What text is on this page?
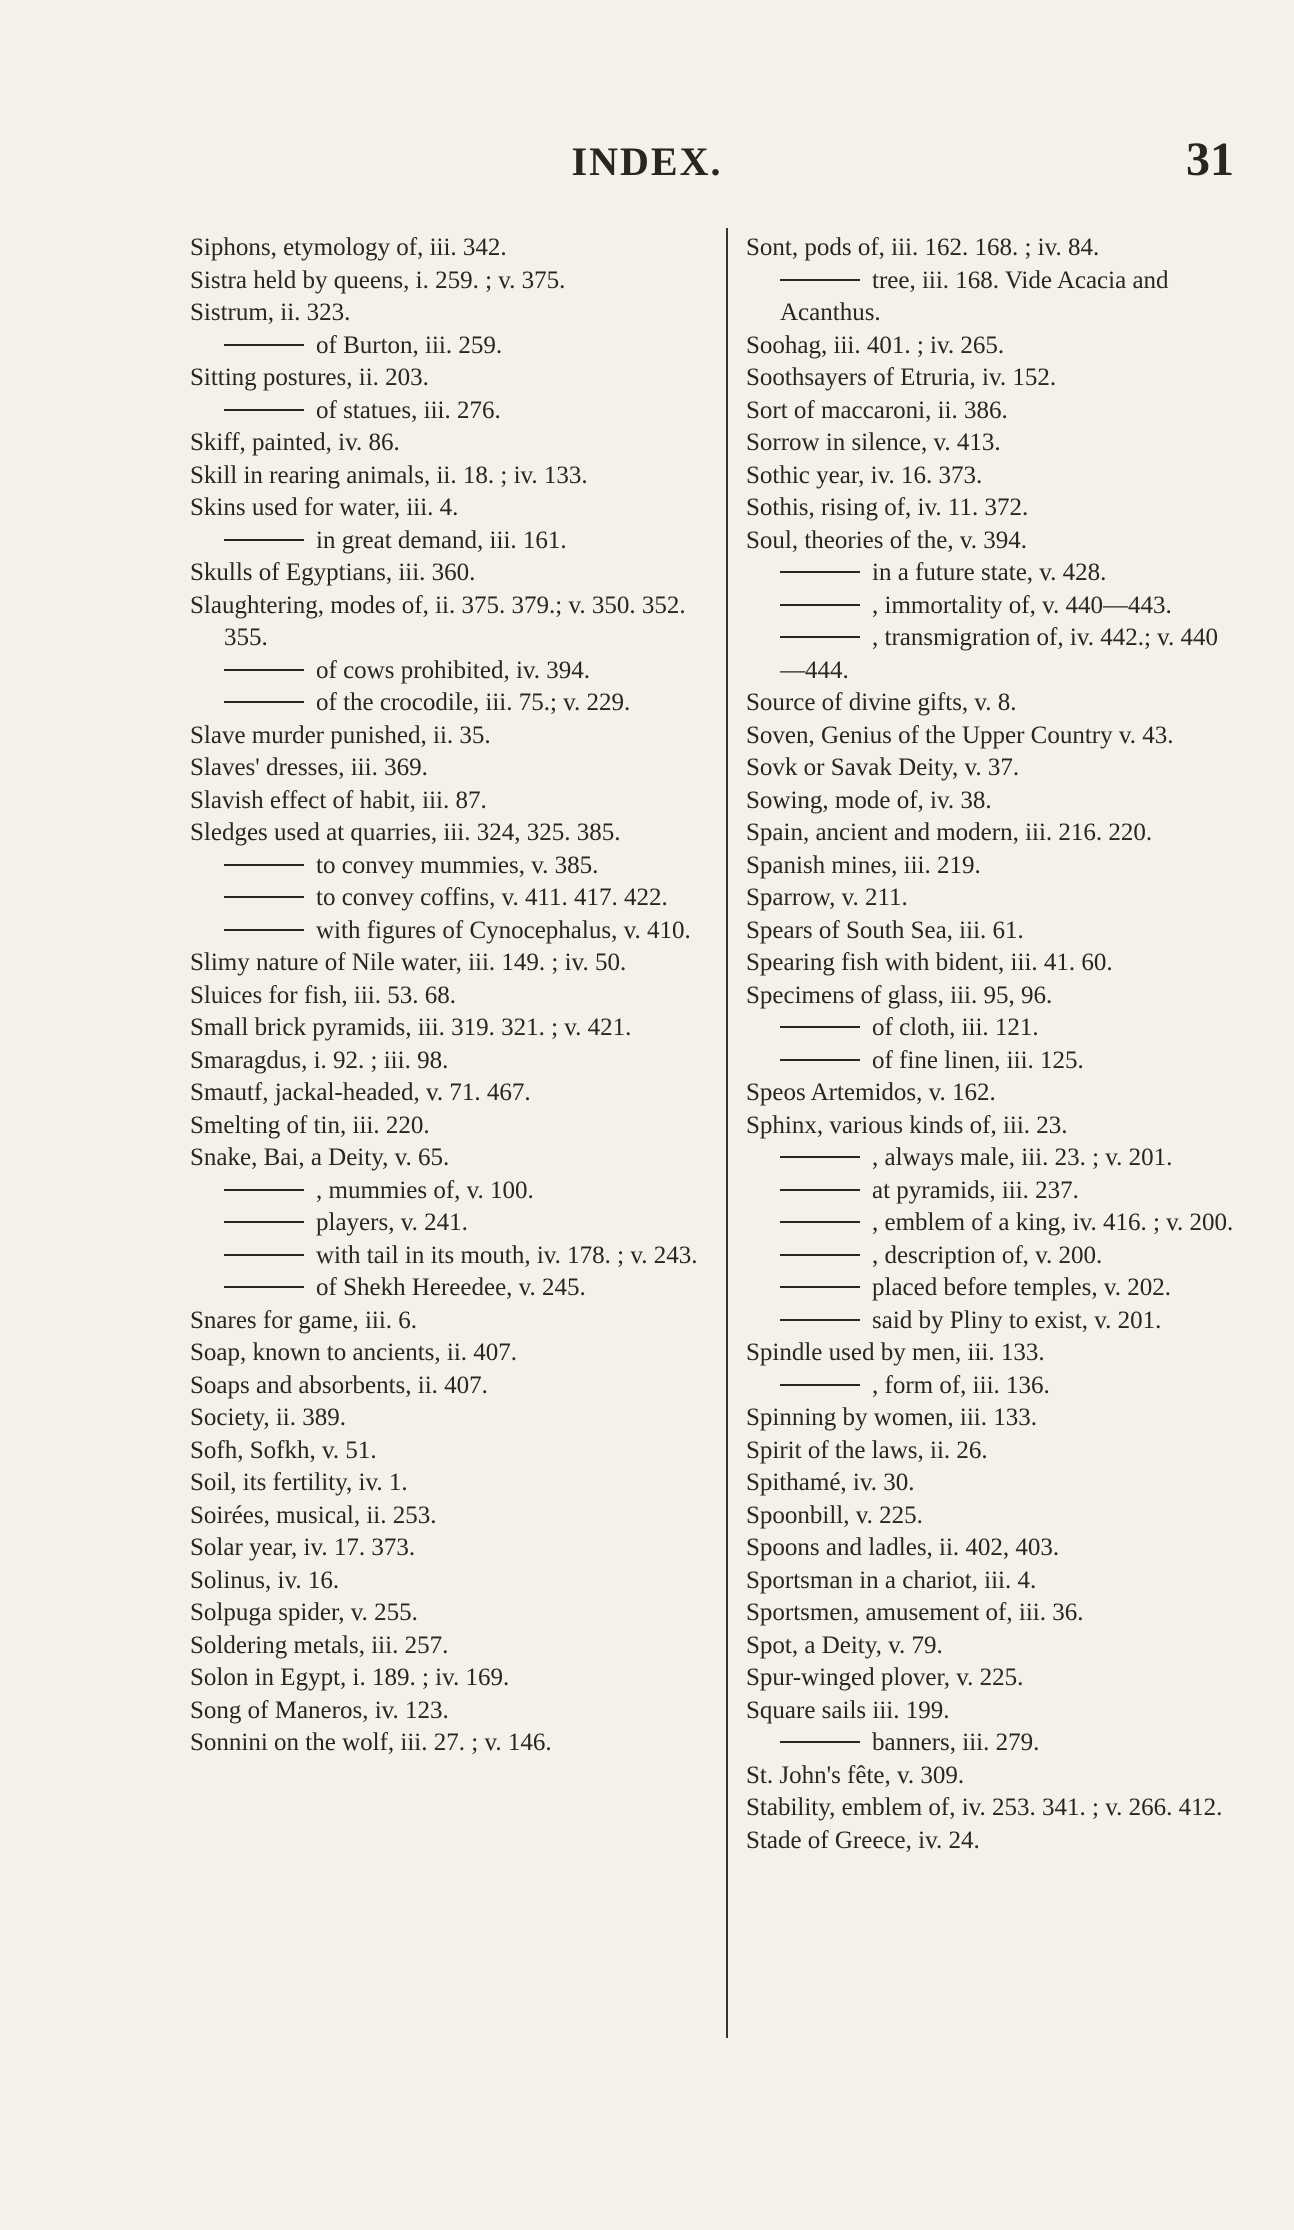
INDEX.	31
Siphons, etymology of, iii. 342.
Sistra held by queens, i. 259. ; v. 375.
Sistrum, ii. 323.
of Burton, iii. 259.
Sitting postures, ii. 203.
of statues, iii. 276.
Skiff, painted, iv. 86.
Skill in rearing animals, ii. 18. ; iv. 133.
Skins used for water, iii. 4.
in great demand, iii. 161.
Skulls of Egyptians, iii. 360.
Slaughtering, modes of, ii. 375. 379.; v. 350. 352. 355.
of cows prohibited, iv. 394.
of the crocodile, iii. 75.; v. 229.
Slave murder punished, ii. 35.
Slaves' dresses, iii. 369.
Slavish effect of habit, iii. 87.
Sledges used at quarries, iii. 324, 325. 385.
to convey mummies, v. 385.
to convey coffins, v. 411. 417. 422.
with figures of Cynocephalus, v. 410.
Slimy nature of Nile water, iii. 149. ; iv. 50.
Sluices for fish, iii. 53. 68.
Small brick pyramids, iii. 319. 321. ; v. 421.
Smaragdus, i. 92. ; iii. 98.
Smautf, jackal-headed, v. 71. 467.
Smelting of tin, iii. 220.
Snake, Bai, a Deity, v. 65.
, mummies of, v. 100.
players, v. 241.
with tail in its mouth, iv. 178. ; v. 243.
of Shekh Hereedee, v. 245.
Snares for game, iii. 6.
Soap, known to ancients, ii. 407.
Soaps and absorbents, ii. 407.
Society, ii. 389.
Sofh, Sofkh, v. 51.
Soil, its fertility, iv. 1.
Soirées, musical, ii. 253.
Solar year, iv. 17. 373.
Solinus, iv. 16.
Solpuga spider, v. 255.
Soldering metals, iii. 257.
Solon in Egypt, i. 189. ; iv. 169.
Song of Maneros, iv. 123.
Sonnini on the wolf, iii. 27. ; v. 146.
Sont, pods of, iii. 162. 168. ; iv. 84.
tree, iii. 168. Vide Acacia and Acanthus.
Soohag, iii. 401. ; iv. 265.
Soothsayers of Etruria, iv. 152.
Sort of maccaroni, ii. 386.
Sorrow in silence, v. 413.
Sothic year, iv. 16. 373.
Sothis, rising of, iv. 11. 372.
Soul, theories of the, v. 394.
in a future state, v. 428.
, immortality of, v. 440—443.
, transmigration of, iv. 442.; v. 440—444.
Source of divine gifts, v. 8.
Soven, Genius of the Upper Country v. 43.
Sovk or Savak Deity, v. 37.
Sowing, mode of, iv. 38.
Spain, ancient and modern, iii. 216. 220.
Spanish mines, iii. 219.
Sparrow, v. 211.
Spears of South Sea, iii. 61.
Spearing fish with bident, iii. 41. 60.
Specimens of glass, iii. 95, 96.
of cloth, iii. 121.
of fine linen, iii. 125.
Speos Artemidos, v. 162.
Sphinx, various kinds of, iii. 23.
, always male, iii. 23. ; v. 201.
at pyramids, iii. 237.
, emblem of a king, iv. 416. ; v. 200.
, description of, v. 200.
placed before temples, v. 202.
said by Pliny to exist, v. 201.
Spindle used by men, iii. 133.
, form of, iii. 136.
Spinning by women, iii. 133.
Spirit of the laws, ii. 26.
Spithamé, iv. 30.
Spoonbill, v. 225.
Spoons and ladles, ii. 402, 403.
Sportsman in a chariot, iii. 4.
Sportsmen, amusement of, iii. 36.
Spot, a Deity, v. 79.
Spur-winged plover, v. 225.
Square sails iii. 199.
banners, iii. 279.
St. John's fête, v. 309.
Stability, emblem of, iv. 253. 341. ; v. 266. 412.
Stade of Greece, iv. 24.
